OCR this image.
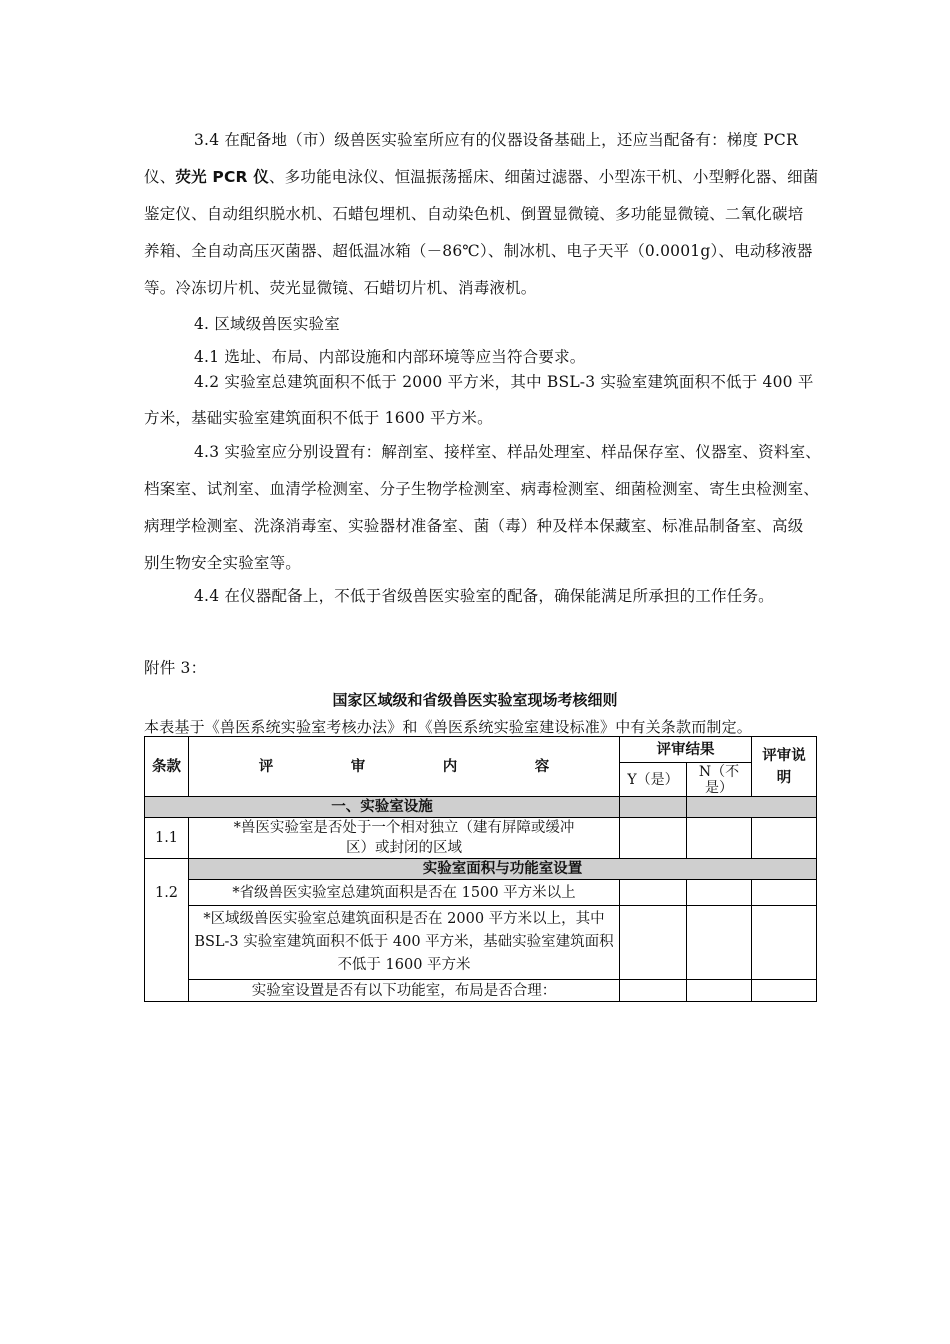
3.4 在配备地（市）级兽医实验室所应有的仪器设备基础上，还应当配备有：梯度 PCR
仪、荧光 PCR 仪、多功能电泳仪、恒温振荡摇床、细菌过滤器、小型冻干机、小型孵化器、细菌
鉴定仪、自动组织脱水机、石蜡包埋机、自动染色机、倒置显微镜、多功能显微镜、二氧化碳培
养箱、全自动高压灭菌器、超低温冰箱（－86℃）、制冰机、电子天平（0.0001g）、电动移液器
等。冷冻切片机、荧光显微镜、石蜡切片机、消毒液机。
4. 区域级兽医实验室
4.1 选址、布局、内部设施和内部环境等应当符合要求。
4.2 实验室总建筑面积不低于 2000 平方米，其中 BSL-3 实验室建筑面积不低于 400 平
方米，基础实验室建筑面积不低于 1600 平方米。
4.3 实验室应分别设置有：解剖室、接样室、样品处理室、样品保存室、仪器室、资料室、
档案室、试剂室、血清学检测室、分子生物学检测室、病毒检测室、细菌检测室、寄生虫检测室、
病理学检测室、洗涤消毒室、实验器材准备室、菌（毒）种及样本保藏室、标准品制备室、高级
别生物安全实验室等。
4.4 在仪器配备上，不低于省级兽医实验室的配备，确保能满足所承担的工作任务。
附件 3：
国家区域级和省级兽医实验室现场考核细则
本表基于《兽医系统实验室考核办法》和《兽医系统实验室建设标准》中有关条款而制定。
条款	评 审 内 容	评审结果		评审说明
		Y（是）	N（不是）	
一、实验室设施				
1.1	*兽医实验室是否处于一个相对独立（建有屏障或缓冲区）或封闭的区域			
1.2	实验室面积与功能室设置			
	*省级兽医实验室总建筑面积是否在 1500 平方米以上			
	*区域级兽医实验室总建筑面积是否在 2000 平方米以上，其中 BSL-3 实验室建筑面积不低于 400 平方米，基础实验室建筑面积不低于 1600 平方米			
	实验室设置是否有以下功能室，布局是否合理：			
